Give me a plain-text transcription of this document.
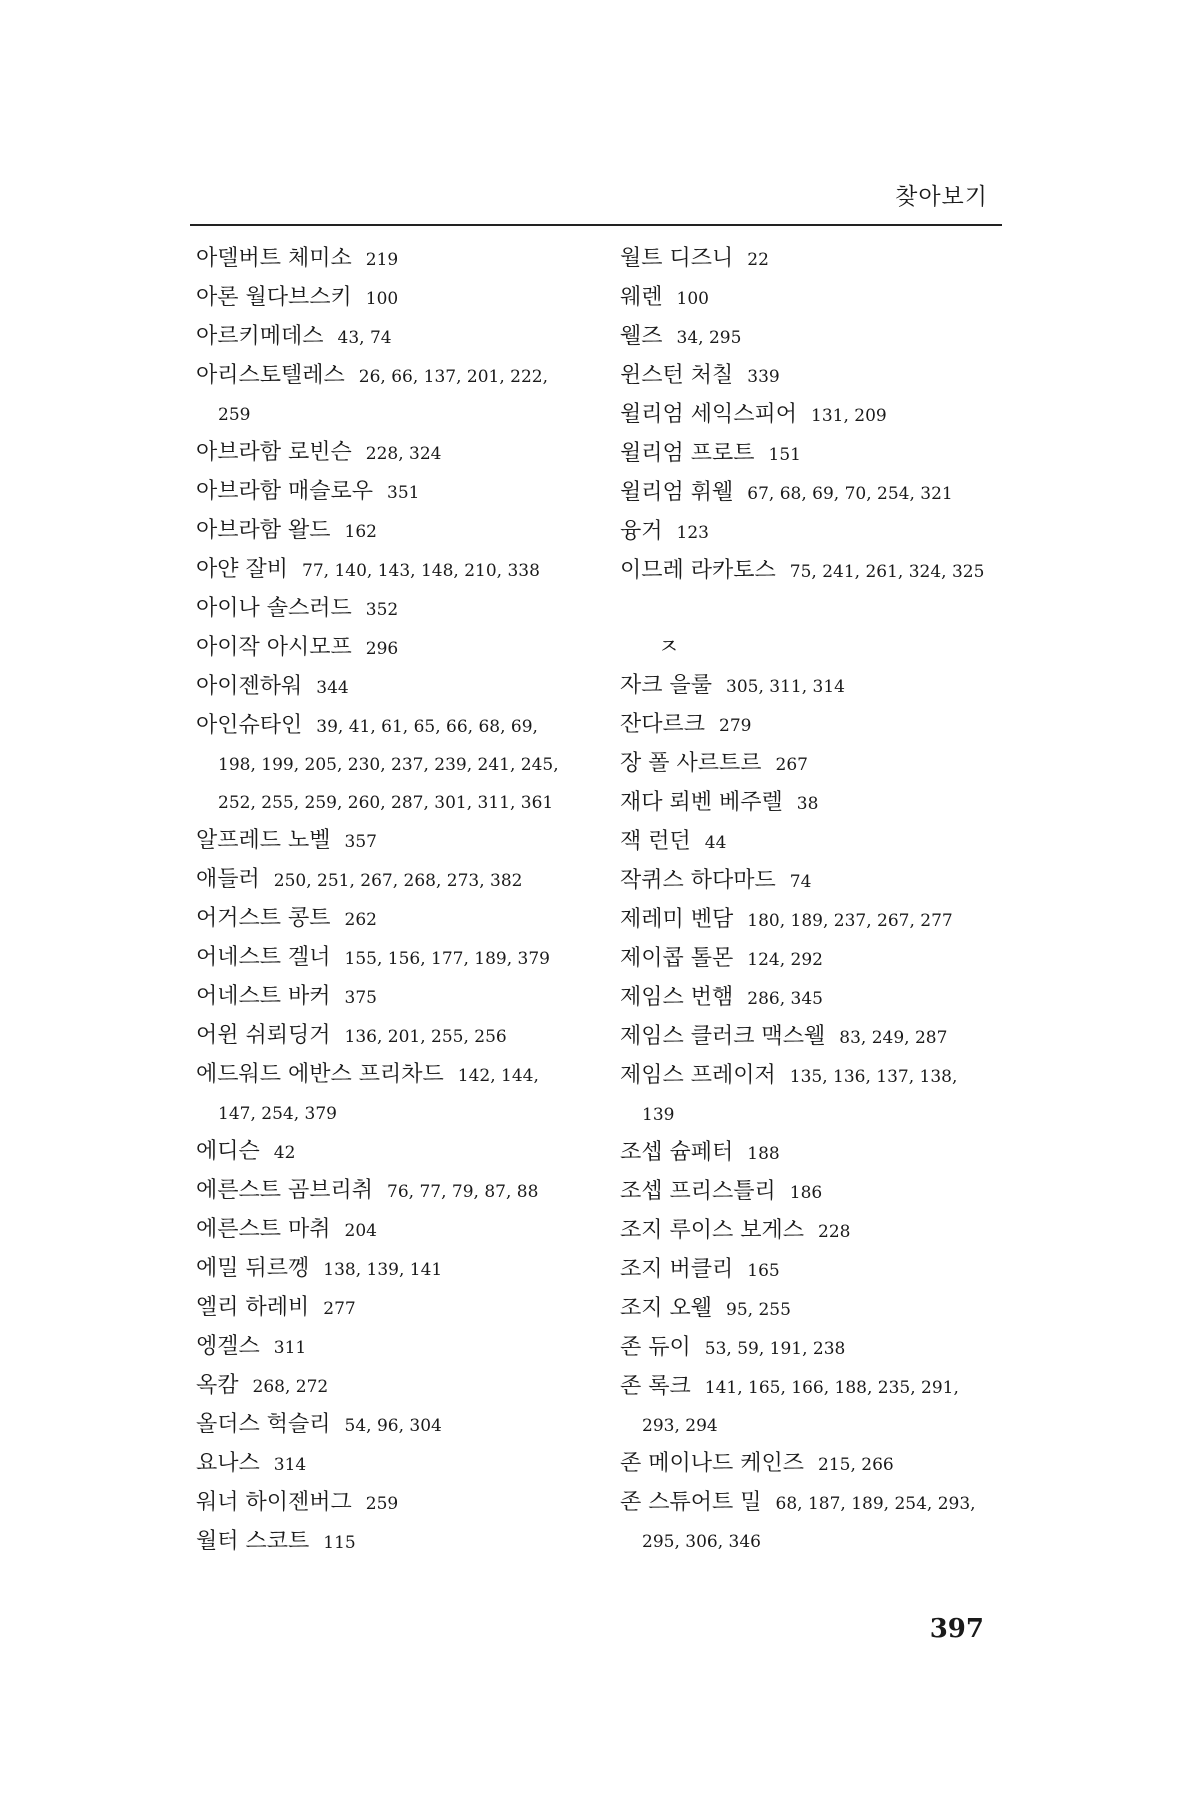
찾아보기
아델버트 체미소 219
아론 월다브스키 100
아르키메데스 43, 74
아리스토텔레스 26, 66, 137, 201, 222,
259
아브라함 로빈슨 228, 324
아브라함 매슬로우 351
아브라함 왈드 162
아얀 잘비 77, 140, 143, 148, 210, 338
아이나 솔스러드 352
아이작 아시모프 296
아이젠하워 344
아인슈타인 39, 41, 61, 65, 66, 68, 69,
198, 199, 205, 230, 237, 239, 241, 245,
252, 255, 259, 260, 287, 301, 311, 361
알프레드 노벨 357
애들러 250, 251, 267, 268, 273, 382
어거스트 콩트 262
어네스트 겔너 155, 156, 177, 189, 379
어네스트 바커 375
어윈 쉬뢰딩거 136, 201, 255, 256
에드워드 에반스 프리차드 142, 144,
147, 254, 379
에디슨 42
에른스트 곰브리취 76, 77, 79, 87, 88
에른스트 마취 204
에밀 뒤르껭 138, 139, 141
엘리 하레비 277
엥겔스 311
옥캄 268, 272
올더스 헉슬리 54, 96, 304
요나스 314
워너 하이젠버그 259
월터 스코트 115
월트 디즈니 22
웨렌 100
웰즈 34, 295
윈스턴 처칠 339
윌리엄 세익스피어 131, 209
윌리엄 프로트 151
윌리엄 휘웰 67, 68, 69, 70, 254, 321
융거 123
이므레 라카토스 75, 241, 261, 324, 325
ㅈ
자크 을룰 305, 311, 314
잔다르크 279
장 폴 사르트르 267
재다 뢰벤 베주렐 38
잭 런던 44
작퀴스 하다마드 74
제레미 벤담 180, 189, 237, 267, 277
제이콥 톨몬 124, 292
제임스 번햄 286, 345
제임스 클러크 맥스웰 83, 249, 287
제임스 프레이저 135, 136, 137, 138,
139
조셉 슘페터 188
조셉 프리스틀리 186
조지 루이스 보게스 228
조지 버클리 165
조지 오웰 95, 255
존 듀이 53, 59, 191, 238
존 록크 141, 165, 166, 188, 235, 291,
293, 294
존 메이나드 케인즈 215, 266
존 스튜어트 밀 68, 187, 189, 254, 293,
295, 306, 346
397
